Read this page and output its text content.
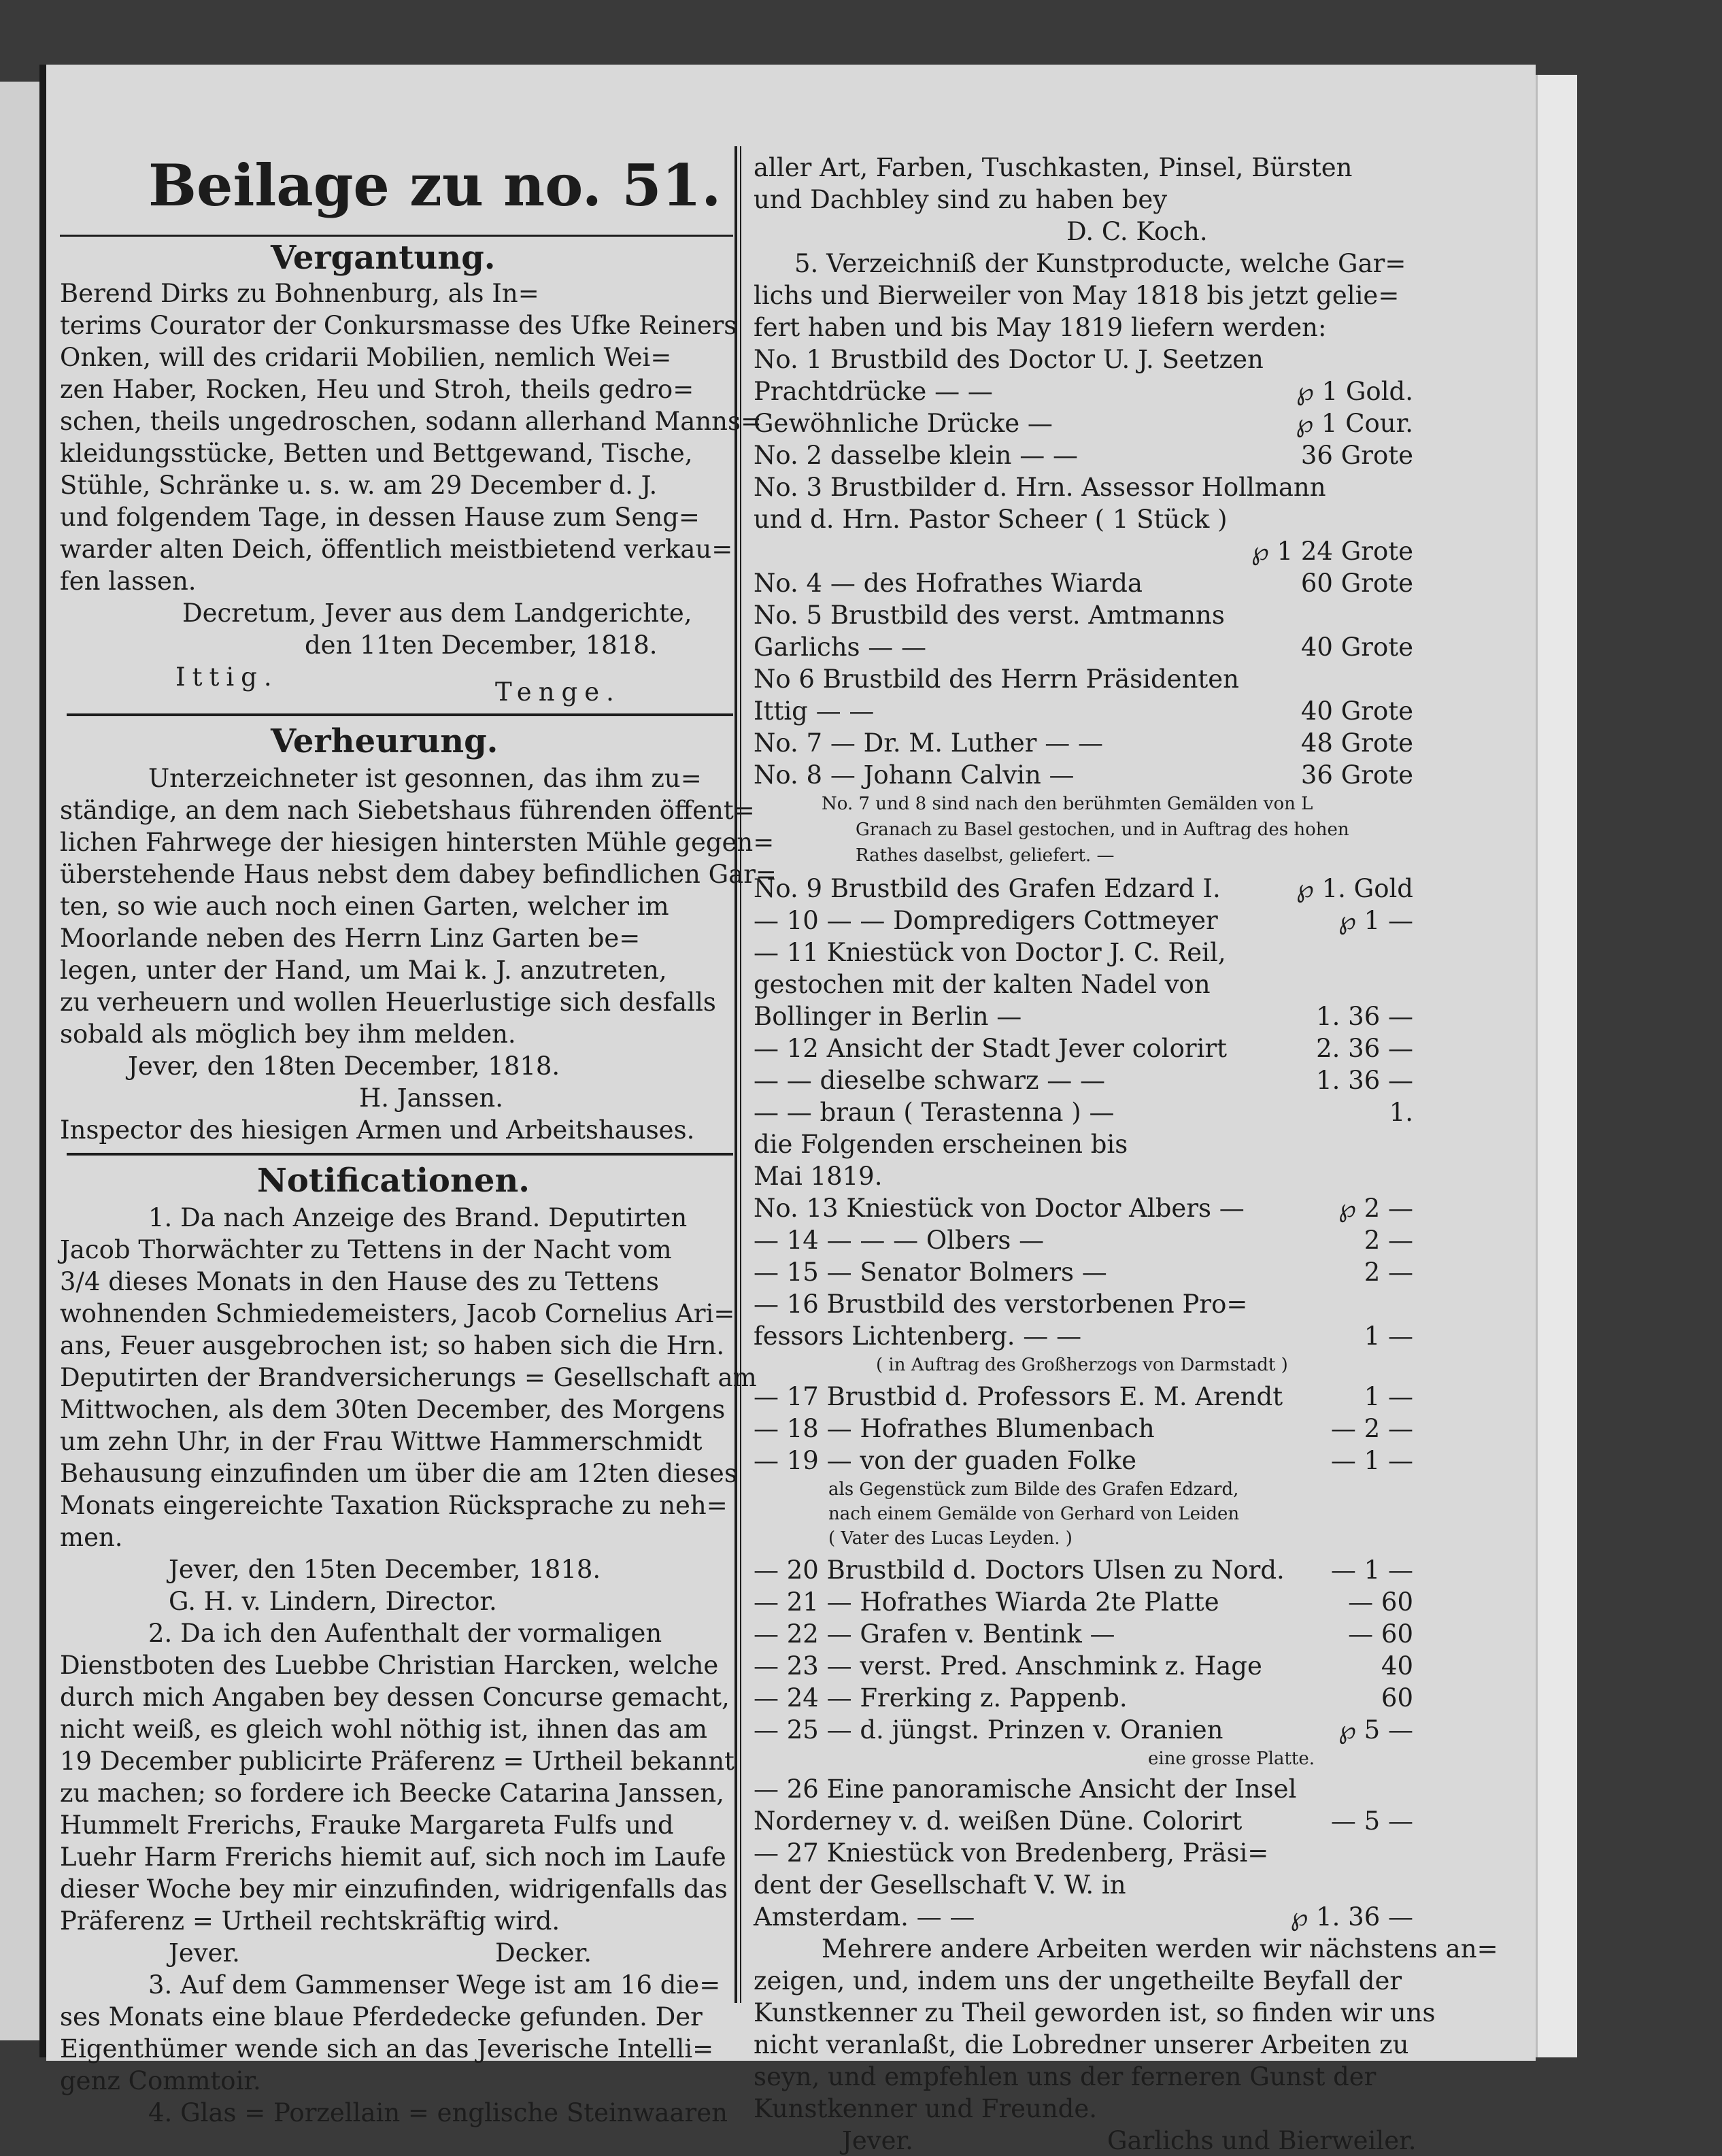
Beilage zu no. 51.
Vergantung.
Berend Dirks zu Bohnenburg, als In=
terims Courator der Conkursmasse des Ufke Reiners
Onken, will des cridarii Mobilien, nemlich Wei=
zen Haber, Rocken, Heu und Stroh, theils gedro=
schen, theils ungedroschen, sodann allerhand Manns=
kleidungsstücke, Betten und Bettgewand, Tische,
Stühle, Schränke u. s. w. am 29 December d. J.
und folgendem Tage, in dessen Hause zum Seng=
warder alten Deich, öffentlich meistbietend verkau=
fen lassen.
Decretum, Jever aus dem Landgerichte,
den 11ten December, 1818.
Ittig.
Tenge.
Verheurung.
Unterzeichneter ist gesonnen, das ihm zu=
ständige, an dem nach Siebetshaus führenden öffent=
lichen Fahrwege der hiesigen hintersten Mühle gegen=
überstehende Haus nebst dem dabey befindlichen Gar=
ten, so wie auch noch einen Garten, welcher im
Moorlande neben des Herrn Linz Garten be=
legen, unter der Hand, um Mai k. J. anzutreten,
zu verheuern und wollen Heuerlustige sich desfalls
sobald als möglich bey ihm melden.
Jever, den 18ten December, 1818.
H. Janssen.
Inspector des hiesigen Armen und Arbeitshauses.
Notificationen.
1. Da nach Anzeige des Brand. Deputirten
Jacob Thorwächter zu Tettens in der Nacht vom
3/4 dieses Monats in den Hause des zu Tettens
wohnenden Schmiedemeisters, Jacob Cornelius Ari=
ans, Feuer ausgebrochen ist; so haben sich die Hrn.
Deputirten der Brandversicherungs = Gesellschaft am
Mittwochen, als dem 30ten December, des Morgens
um zehn Uhr, in der Frau Wittwe Hammerschmidt
Behausung einzufinden um über die am 12ten dieses
Monats eingereichte Taxation Rücksprache zu neh=
men.
Jever, den 15ten December, 1818.
G. H. v. Lindern, Director.
2. Da ich den Aufenthalt der vormaligen
Dienstboten des Luebbe Christian Harcken, welche
durch mich Angaben bey dessen Concurse gemacht,
nicht weiß, es gleich wohl nöthig ist, ihnen das am
19 December publicirte Präferenz = Urtheil bekannt
zu machen; so fordere ich Beecke Catarina Janssen,
Hummelt Frerichs, Frauke Margareta Fulfs und
Luehr Harm Frerichs hiemit auf, sich noch im Laufe
dieser Woche bey mir einzufinden, widrigenfalls das
Präferenz = Urtheil rechtskräftig wird.
Jever.	Decker.
3. Auf dem Gammenser Wege ist am 16 die=
ses Monats eine blaue Pferdedecke gefunden. Der
Eigenthümer wende sich an das Jeverische Intelli=
genz Commtoir.
4. Glas = Porzellain = englische Steinwaaren
aller Art, Farben, Tuschkasten, Pinsel, Bürsten
und Dachbley sind zu haben bey
D. C. Koch.
5. Verzeichniß der Kunstproducte, welche Gar=
lichs und Bierweiler von May 1818 bis jetzt gelie=
fert haben und bis May 1819 liefern werden:
No. 1 Brustbild des Doctor U. J. Seetzen
Prachtdrücke — —	℘ 1 Gold.
Gewöhnliche Drücke —	℘ 1 Cour.
No. 2 dasselbe klein — —	36 Grote
No. 3 Brustbilder d. Hrn. Assessor Hollmann
und d. Hrn. Pastor Scheer ( 1 Stück )
℘ 1 24 Grote
No. 4 — des Hofrathes Wiarda	60 Grote
No. 5 Brustbild des verst. Amtmanns
Garlichs — —	40 Grote
No 6 Brustbild des Herrn Präsidenten
Ittig — —	40 Grote
No. 7 — Dr. M. Luther — —	48 Grote
No. 8 — Johann Calvin —	36 Grote
No. 7 und 8 sind nach den berühmten Gemälden von L
Granach zu Basel gestochen, und in Auftrag des hohen
Rathes daselbst, geliefert. —
No. 9 Brustbild des Grafen Edzard I.	℘ 1. Gold
— 10 — — Dompredigers Cottmeyer	℘ 1 —
— 11 Kniestück von Doctor J. C. Reil,
gestochen mit der kalten Nadel von
Bollinger in Berlin —	1. 36 —
— 12 Ansicht der Stadt Jever colorirt	2. 36 —
— — dieselbe schwarz — —	1. 36 —
— — braun ( Terastenna ) —	1.
die Folgenden erscheinen bis
Mai 1819.
No. 13 Kniestück von Doctor Albers —	℘ 2 —
— 14 — — — Olbers —	2 —
— 15 — Senator Bolmers —	2 —
— 16 Brustbild des verstorbenen Pro=
fessors Lichtenberg. — —	1 —
( in Auftrag des Großherzogs von Darmstadt )
— 17 Brustbid d. Professors E. M. Arendt	1 —
— 18 — Hofrathes Blumenbach	— 2 —
— 19 — von der guaden Folke	— 1 —
als Gegenstück zum Bilde des Grafen Edzard,
nach einem Gemälde von Gerhard von Leiden
( Vater des Lucas Leyden. )
— 20 Brustbild d. Doctors Ulsen zu Nord.	— 1 —
— 21 — Hofrathes Wiarda 2te Platte	— 60
— 22 — Grafen v. Bentink —	— 60
— 23 — verst. Pred. Anschmink z. Hage	40
— 24 — Frerking z. Pappenb.	60
— 25 — d. jüngst. Prinzen v. Oranien	℘ 5 —
eine grosse Platte.
— 26 Eine panoramische Ansicht der Insel
Norderney v. d. weißen Düne. Colorirt	— 5 —
— 27 Kniestück von Bredenberg, Präsi=
dent der Gesellschaft V. W. in
Amsterdam. — —	℘ 1. 36 —
Mehrere andere Arbeiten werden wir nächstens an=
zeigen, und, indem uns der ungetheilte Beyfall der
Kunstkenner zu Theil geworden ist, so finden wir uns
nicht veranlaßt, die Lobredner unserer Arbeiten zu
seyn, und empfehlen uns der ferneren Gunst der
Kunstkenner und Freunde.
Jever.	Garlichs und Bierweiler.
